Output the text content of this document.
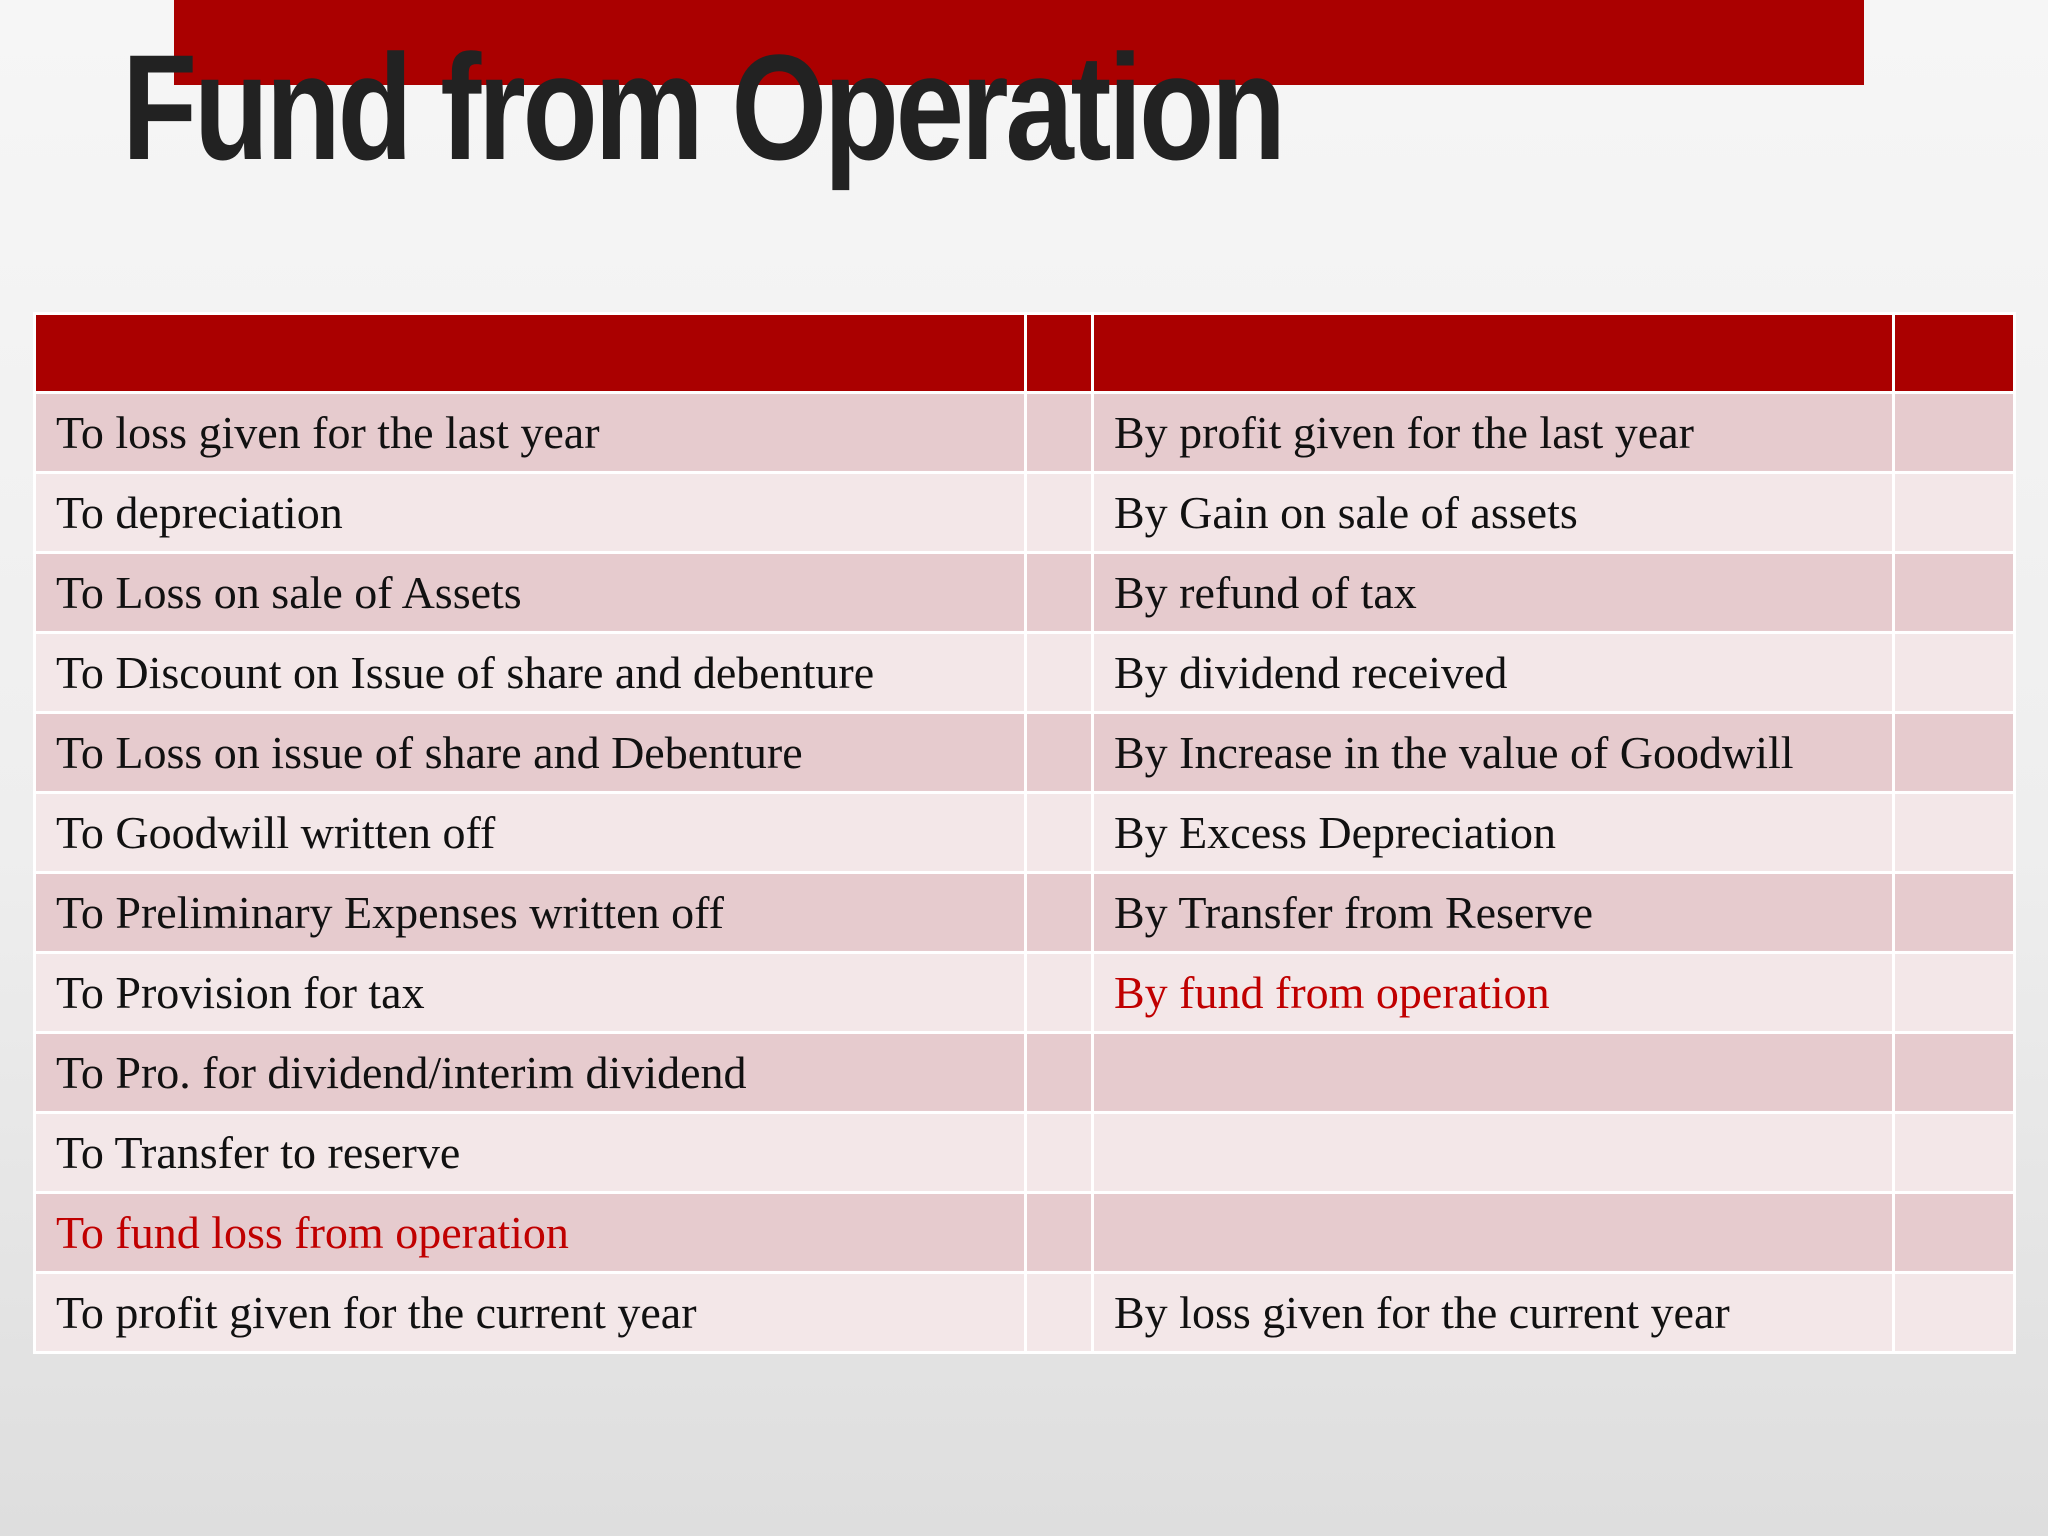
Fund from Operation

To loss given for the last year		By profit given for the last year	
To depreciation		By Gain on sale of assets	
To Loss on sale of Assets		By refund of tax	
To Discount on Issue of share and debenture		By dividend received	
To Loss on issue of share and Debenture		By Increase in the value of Goodwill	
To Goodwill written off		By Excess Depreciation	
To Preliminary Expenses written off		By Transfer from Reserve	
To Provision for tax		By fund from operation	
To Pro. for dividend/interim dividend			
To Transfer to reserve			
To fund loss from operation			
To profit given for the current year		By loss given for the current year	
